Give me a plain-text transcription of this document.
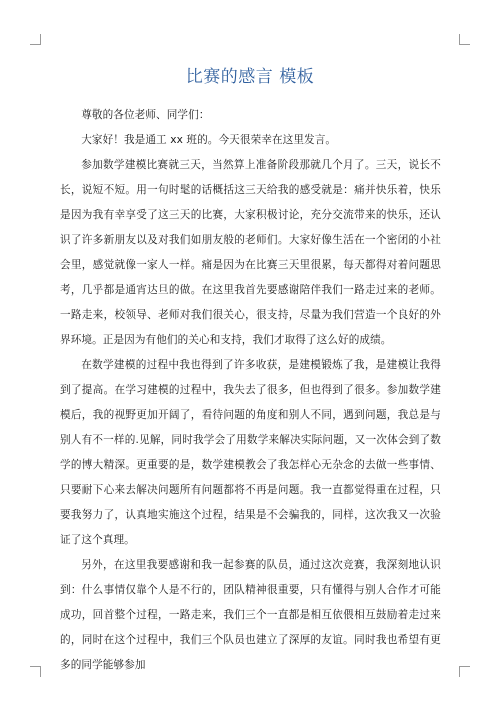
比赛的感言 模板

尊敬的各位老师、同学们：

大家好！我是通工 xx 班的。今天很荣幸在这里发言。

参加数学建模比赛就三天，当然算上准备阶段那就几个月了。三天，说长不长，说短不短。用一句时髦的话概括这三天给我的感受就是：痛并快乐着，快乐是因为我有幸享受了这三天的比赛，大家积极讨论，充分交流带来的快乐，还认识了许多新朋友以及对我们如朋友般的老师们。大家好像生活在一个密闭的小社会里，感觉就像一家人一样。痛是因为在比赛三天里很累，每天都得对着问题思考，几乎都是通宵达旦的做。在这里我首先要感谢陪伴我们一路走过来的老师。一路走来，校领导、老师对我们很关心，很支持，尽量为我们营造一个良好的外界环境。正是因为有他们的关心和支持，我们才取得了这么好的成绩。

在数学建模的过程中我也得到了许多收获，是建模锻炼了我，是建模让我得到了提高。在学习建模的过程中，我失去了很多，但也得到了很多。参加数学建模后，我的视野更加开阔了，看待问题的角度和别人不同，遇到问题，我总是与别人有不一样的.见解，同时我学会了用数学来解决实际问题，又一次体会到了数学的博大精深。更重要的是，数学建模教会了我怎样心无杂念的去做一些事情、只要耐下心来去解决问题所有问题都将不再是问题。我一直都觉得重在过程，只要我努力了，认真地实施这个过程，结果是不会骗我的，同样，这次我又一次验证了这个真理。

另外，在这里我要感谢和我一起参赛的队员，通过这次竞赛，我深刻地认识到：什么事情仅靠个人是不行的，团队精神很重要，只有懂得与别人合作才可能成功，回首整个过程，一路走来，我们三个一直都是相互依偎相互鼓励着走过来的，同时在这个过程中，我们三个队员也建立了深厚的友谊。同时我也希望有更多的同学能够参加
